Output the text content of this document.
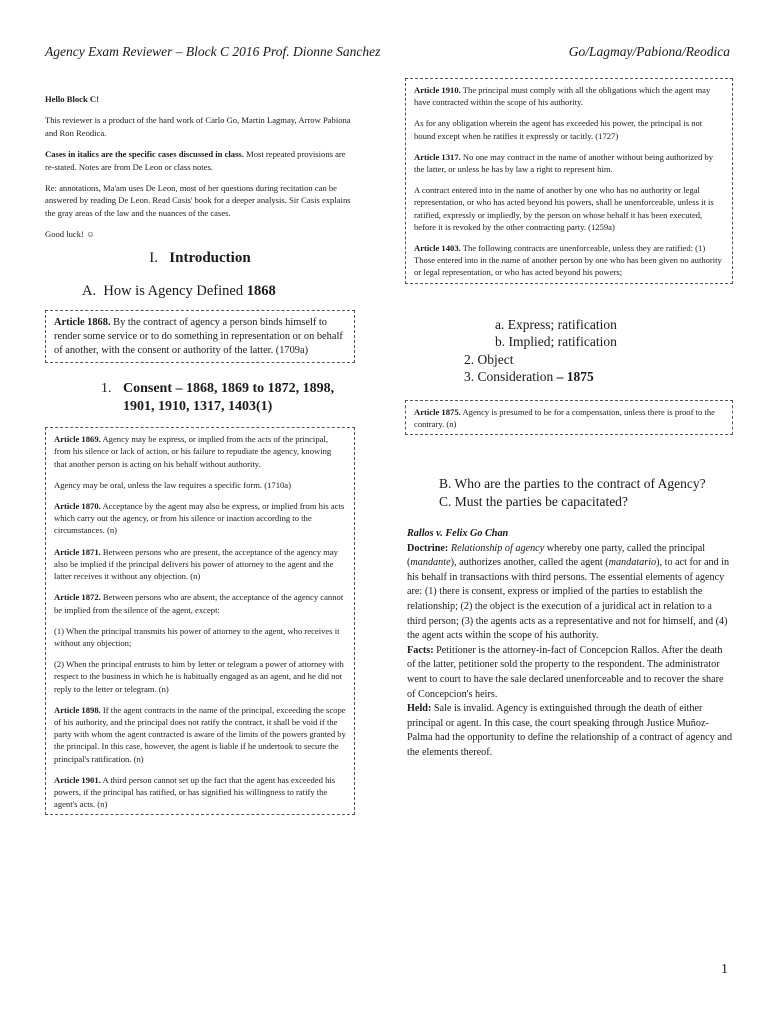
Agency Exam Reviewer – Block C 2016 Prof. Dionne Sanchez	Go/Lagmay/Pabiona/Reodica

Hello Block C!

This reviewer is a product of the hard work of Carlo Go, Martin Lagmay, Arrow Pabiona and Ron Reodica.

Cases in italics are the specific cases discussed in class. Most repeated provisions are re-stated. Notes are from De Leon or class notes.

Re: annotations, Ma'am uses De Leon, most of her questions during recitation can be answered by reading De Leon. Read Casis' book for a deeper analysis. Sir Casis explains the gray areas of the law and the nuances of the cases.

Good luck! ☺

I. Introduction
A. How is Agency Defined 1868

Article 1868. By the contract of agency a person binds himself to render some service or to do something in representation or on behalf of another, with the consent or authority of the latter. (1709a)

1. Consent – 1868, 1869 to 1872, 1898, 1901, 1910, 1317, 1403(1)

Article 1869. Agency may be express, or implied from the acts of the principal, from his silence or lack of action, or his failure to repudiate the agency, knowing that another person is acting on his behalf without authority.

Agency may be oral, unless the law requires a specific form. (1710a)

Article 1870. Acceptance by the agent may also be express, or implied from his acts which carry out the agency, or from his silence or inaction according to the circumstances. (n)

Article 1871. Between persons who are present, the acceptance of the agency may also be implied if the principal delivers his power of attorney to the agent and the latter receives it without any objection. (n)

Article 1872. Between persons who are absent, the acceptance of the agency cannot be implied from the silence of the agent, except:

(1) When the principal transmits his power of attorney to the agent, who receives it without any objection;

(2) When the principal entrusts to him by letter or telegram a power of attorney with respect to the business in which he is habitually engaged as an agent, and he did not reply to the letter or telegram. (n)

Article 1898. If the agent contracts in the name of the principal, exceeding the scope of his authority, and the principal does not ratify the contract, it shall be void if the party with whom the agent contracted is aware of the limits of the powers granted by the principal. In this case, however, the agent is liable if he undertook to secure the principal's ratification. (n)

Article 1901. A third person cannot set up the fact that the agent has exceeded his powers, if the principal has ratified, or has signified his willingness to ratify the agent's acts. (n)

Article 1910. The principal must comply with all the obligations which the agent may have contracted within the scope of his authority.

As for any obligation wherein the agent has exceeded his power, the principal is not bound except when he ratifies it expressly or tacitly. (1727)

Article 1317. No one may contract in the name of another without being authorized by the latter, or unless he has by law a right to represent him.

A contract entered into in the name of another by one who has no authority or legal representation, or who has acted beyond his powers, shall be unenforceable, unless it is ratified, expressly or impliedly, by the person on whose behalf it has been executed, before it is revoked by the other contracting party. (1259a)

Article 1403. The following contracts are unenforceable, unless they are ratified: (1) Those entered into in the name of another person by one who has been given no authority or legal representation, or who has acted beyond his powers;

a. Express; ratification
b. Implied; ratification
2. Object
3. Consideration – 1875

Article 1875. Agency is presumed to be for a compensation, unless there is proof to the contrary. (n)

B. Who are the parties to the contract of Agency?
C. Must the parties be capacitated?

Rallos v. Felix Go Chan

Doctrine: Relationship of agency whereby one party, called the principal (mandante), authorizes another, called the agent (mandatario), to act for and in his behalf in transactions with third persons. The essential elements of agency are: (1) there is consent, express or implied of the parties to establish the relationship; (2) the object is the execution of a juridical act in relation to a third person; (3) the agents acts as a representative and not for himself, and (4) the agent acts within the scope of his authority.

Facts: Petitioner is the attorney-in-fact of Concepcion Rallos. After the death of the latter, petitioner sold the property to the respondent. The administrator went to court to have the sale declared unenforceable and to recover the share of Concepcion's heirs.

Held: Sale is invalid. Agency is extinguished through the death of either principal or agent. In this case, the court speaking through Justice Muñoz-Palma had the opportunity to define the relationship of a contract of agency and the elements thereof.

1
